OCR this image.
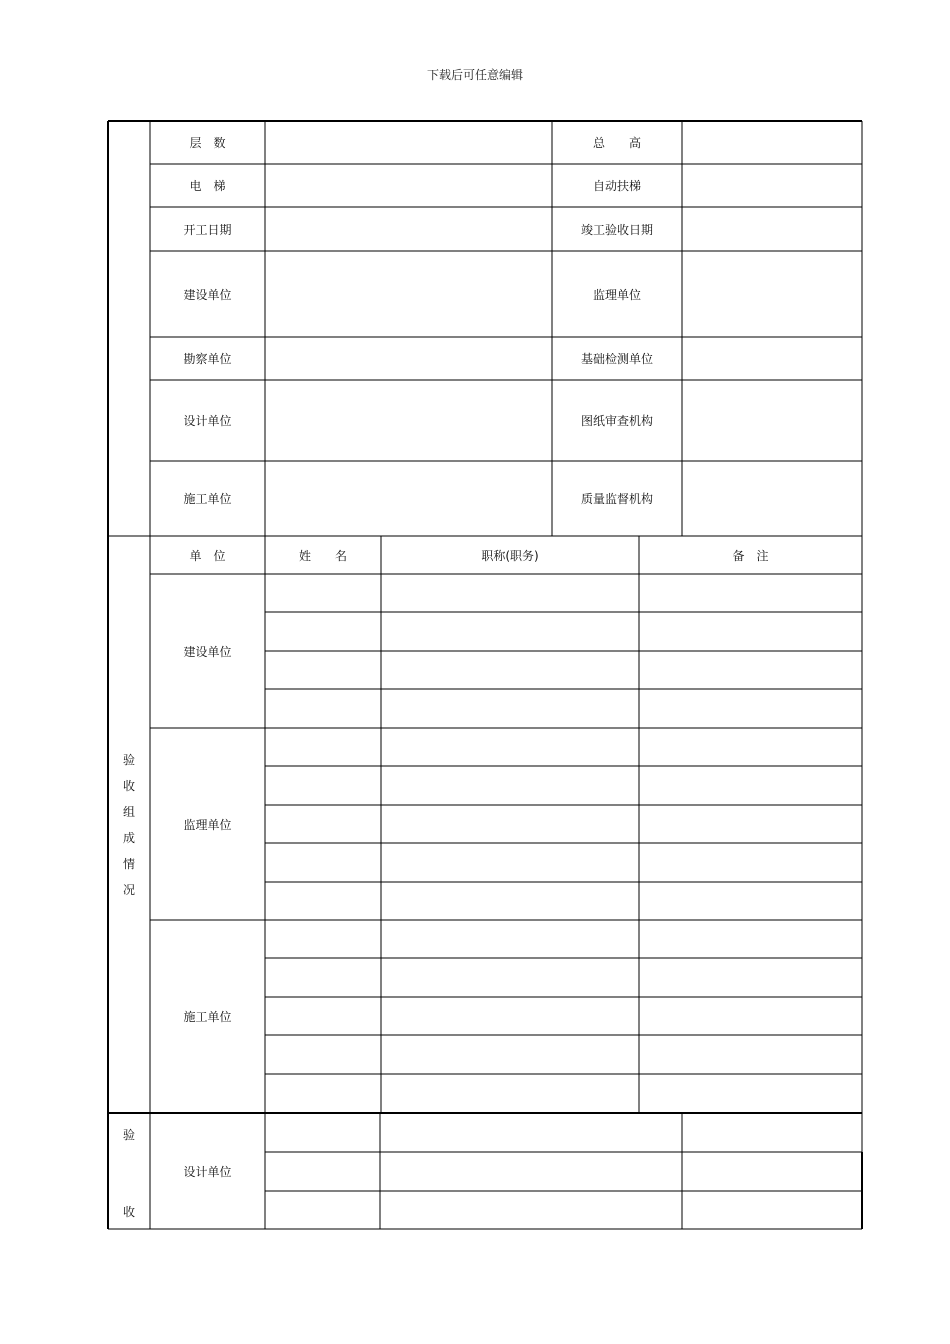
下载后可任意编辑
层　数	总　　高
电　梯	自动扶梯
开工日期	竣工验收日期
建设单位	监理单位
勘察单位	基础检测单位
设计单位	图纸审查机构
施工单位	质量监督机构
验
收
组
成
情
况
单　位	姓　　名	职称(职务)	备　注
建设单位
监理单位
施工单位
验
收
设计单位
